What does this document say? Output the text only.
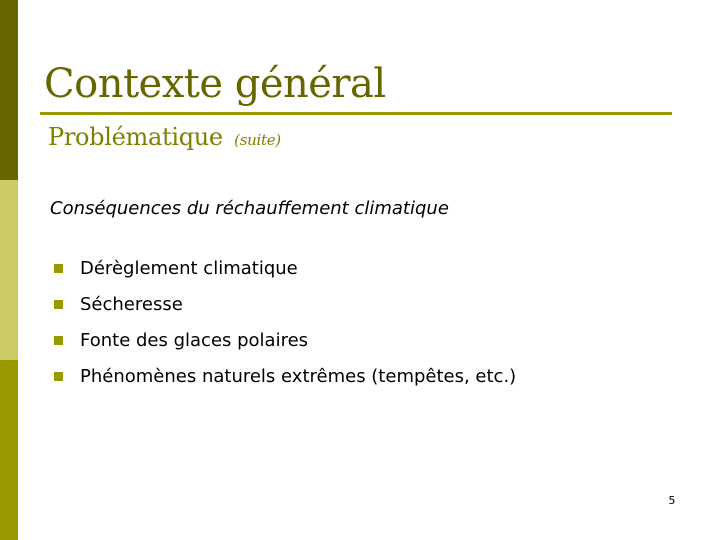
Contexte général
Problématique (suite)
Conséquences du réchauffement climatique
Dérèglement climatique
Sécheresse
Fonte des glaces polaires
Phénomènes naturels extrêmes (tempêtes, etc.)
5
